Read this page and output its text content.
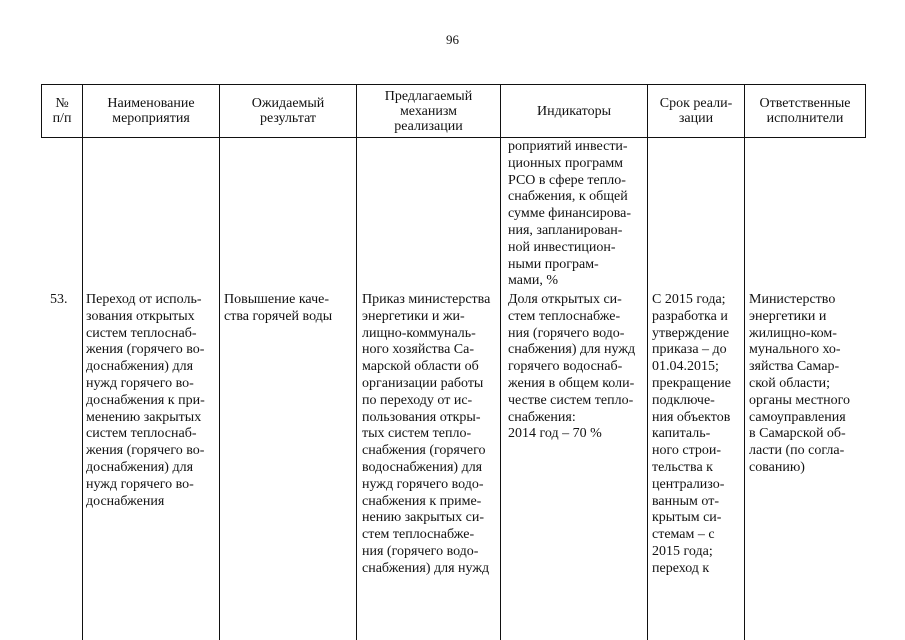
96
№
п/п
Наименование
мероприятия
Ожидаемый
результат
Предлагаемый
механизм
реализации
Индикаторы	Срок реали-
зации
Ответственные
исполнители
роприятий инвести-
ционных программ
РСО в сфере тепло-
снабжения, к общей
сумме финансирова-
ния, запланирован-
ной инвестицион-
ными програм-
мами, %
53. Переход от исполь-
зования открытых
систем теплоснаб-
жения (горячего во-
доснабжения) для
нужд горячего во-
доснабжения к при-
менению закрытых
систем теплоснаб-
жения (горячего во-
доснабжения) для
нужд горячего во-
доснабжения
Повышение каче-
ства горячей воды
Приказ министерства
энергетики и жи-
лищно-коммуналь-
ного хозяйства Са-
марской области об
организации работы
по переходу от ис-
пользования откры-
тых систем тепло-
снабжения (горячего
водоснабжения) для
нужд горячего водо-
снабжения к приме-
нению закрытых си-
стем теплоснабже-
ния (горячего водо-
снабжения) для нужд
Доля открытых си-
стем теплоснабже-
ния (горячего водо-
снабжения) для нужд
горячего водоснаб-
жения в общем коли-
честве систем тепло-
снабжения:
2014 год – 70 %
С 2015 года;
разработка и
утверждение
приказа – до
01.04.2015;
прекращение
подключе-
ния объектов
капиталь-
ного строи-
тельства к
централизо-
ванным от-
крытым си-
стемам – с
2015 года;
переход к
Министерство
энергетики и
жилищно-ком-
мунального хо-
зяйства Самар-
ской области;
органы местного
самоуправления
в Самарской об-
ласти (по согла-
сованию)
